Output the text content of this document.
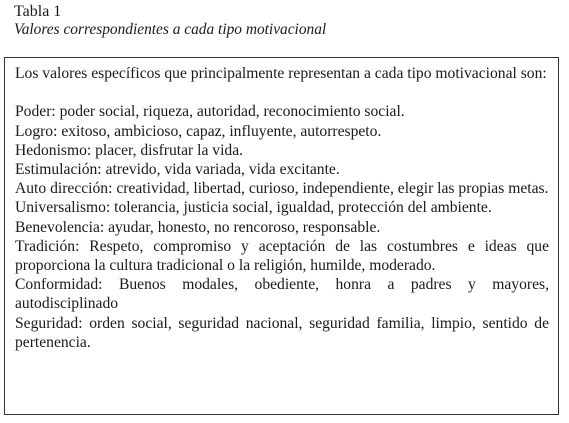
Tabla 1
Valores correspondientes a cada tipo motivacional

Los valores específicos que principalmente representan a cada tipo motivacional son:

Poder: poder social, riqueza, autoridad, reconocimiento social.

Logro: exitoso, ambicioso, capaz, influyente, autorrespeto.

Hedonismo: placer, disfrutar la vida.

Estimulación: atrevido, vida variada, vida excitante.

Auto dirección: creatividad, libertad, curioso, independiente, elegir las propias metas.

Universalismo: tolerancia, justicia social, igualdad, protección del ambiente.

Benevolencia: ayudar, honesto, no rencoroso, responsable.

Tradición: Respeto, compromiso y aceptación de las costumbres e ideas que proporciona la cultura tradicional o la religión, humilde, moderado.

Conformidad: Buenos modales, obediente, honra a padres y mayores, autodisciplinado

Seguridad: orden social, seguridad nacional, seguridad familia, limpio, sentido de pertenencia.
